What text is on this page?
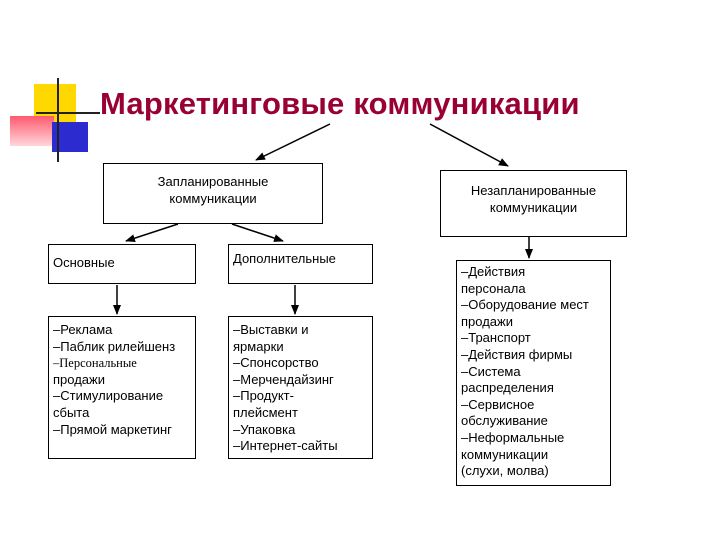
Маркетинговые коммуникации
Запланированные коммуникации
Незапланированные коммуникации
Основные	Дополнительные
–Реклама
–Паблик рилейшенз
–Персональные
продажи
–Стимулирование сбыта
–Прямой маркетинг
–Выставки и ярмарки
–Спонсорство
–Мерчендайзинг
–Продукт-плейсмент
–Упаковка
–Интернет-сайты
–Действия персонала
–Оборудование мест продажи
–Транспорт
–Действия фирмы
–Система распределения
–Сервисное обслуживание
–Неформальные коммуникации (слухи, молва)
